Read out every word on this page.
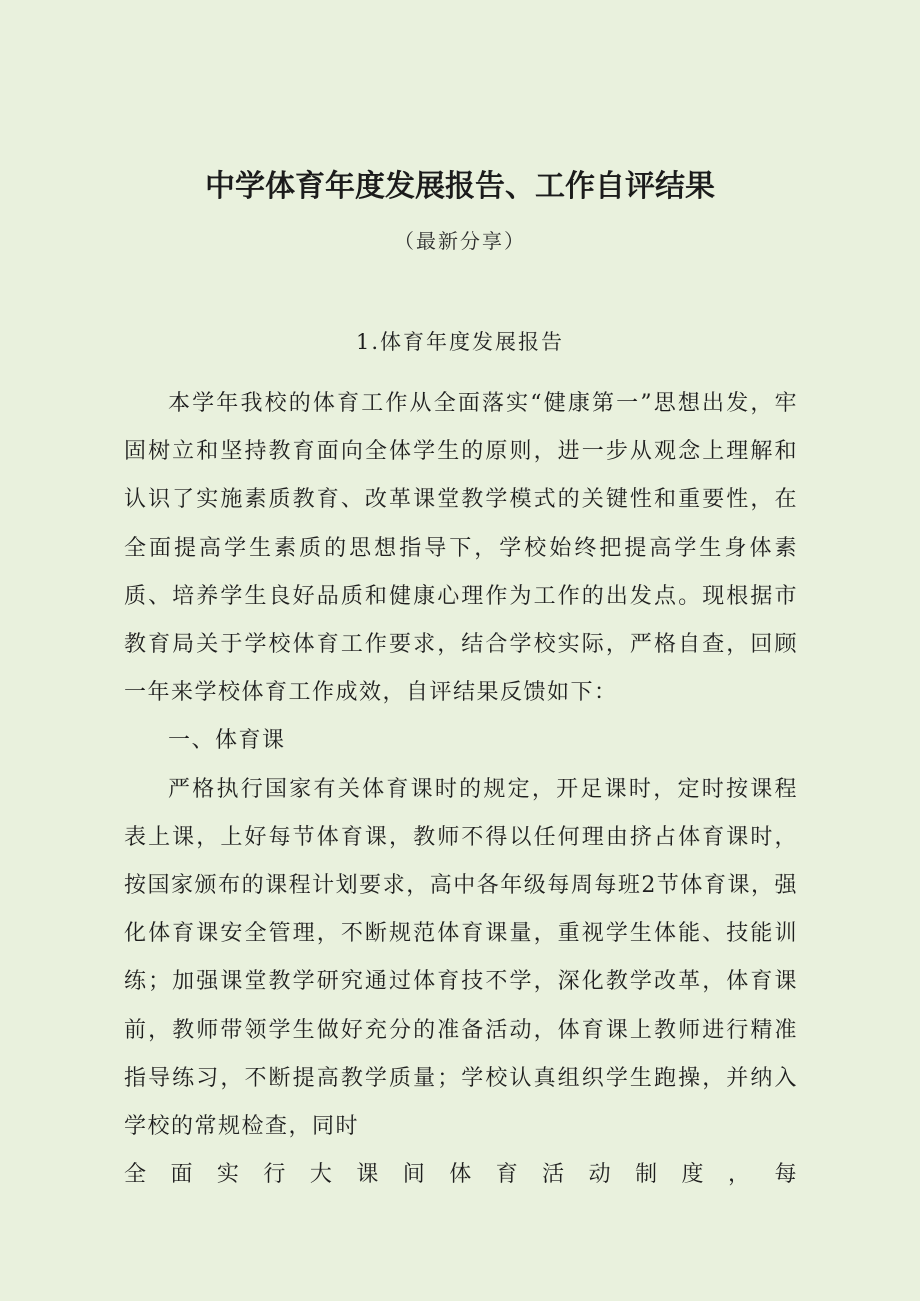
中学体育年度发展报告、工作自评结果
（最新分享）
1.体育年度发展报告

本学年我校的体育工作从全面落实“健康第一”思想出发，牢固树立和坚持教育面向全体学生的原则，进一步从观念上理解和认识了实施素质教育、改革课堂教学模式的关键性和重要性，在全面提高学生素质的思想指导下，学校始终把提高学生身体素质、培养学生良好品质和健康心理作为工作的出发点。现根据市教育局关于学校体育工作要求，结合学校实际，严格自查，回顾一年来学校体育工作成效，自评结果反馈如下：

一、体育课

严格执行国家有关体育课时的规定，开足课时，定时按课程表上课，上好每节体育课，教师不得以任何理由挤占体育课时，按国家颁布的课程计划要求，高中各年级每周每班2节体育课，强化体育课安全管理，不断规范体育课量，重视学生体能、技能训练；加强课堂教学研究通过体育技不学，深化教学改革，体育课前，教师带领学生做好充分的准备活动，体育课上教师进行精准指导练习，不断提高教学质量；学校认真组织学生跑操，并纳入学校的常规检查，同时

全面实行大课间体育活动制度，每
